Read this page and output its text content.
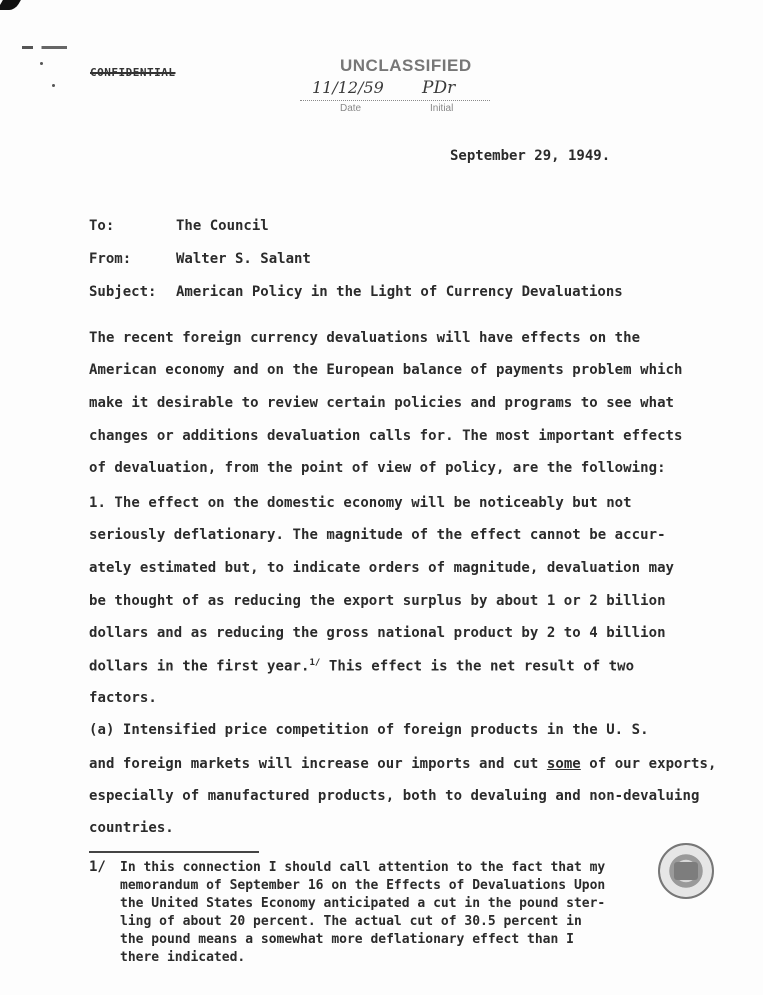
CONFIDENTIAL	UNCLASSIFIED
11/12/59 PDr
Date	Initial
September 29, 1949.
To:	The Council
From:	Walter S. Salant
Subject: American Policy in the Light of Currency Devaluations
The recent foreign currency devaluations will have effects on the
American economy and on the European balance of payments problem which
make it desirable to review certain policies and programs to see what
changes or additions devaluation calls for. The most important effects
of devaluation, from the point of view of policy, are the following:
1. The effect on the domestic economy will be noticeably but not
seriously deflationary. The magnitude of the effect cannot be accur-
ately estimated but, to indicate orders of magnitude, devaluation may
be thought of as reducing the export surplus by about 1 or 2 billion
dollars and as reducing the gross national product by 2 to 4 billion
dollars in the first year.$^{1/}$ This effect is the net result of two
factors.
(a) Intensified price competition of foreign products in the U. S.
and foreign markets will increase our imports and cut some of our exports,
especially of manufactured products, both to devaluing and non-devaluing
countries.
1/ In this connection I should call attention to the fact that my
memorandum of September 16 on the Effects of Devaluations Upon
the United States Economy anticipated a cut in the pound ster-
ling of about 20 percent. The actual cut of 30.5 percent in
the pound means a somewhat more deflationary effect than I
there indicated.
